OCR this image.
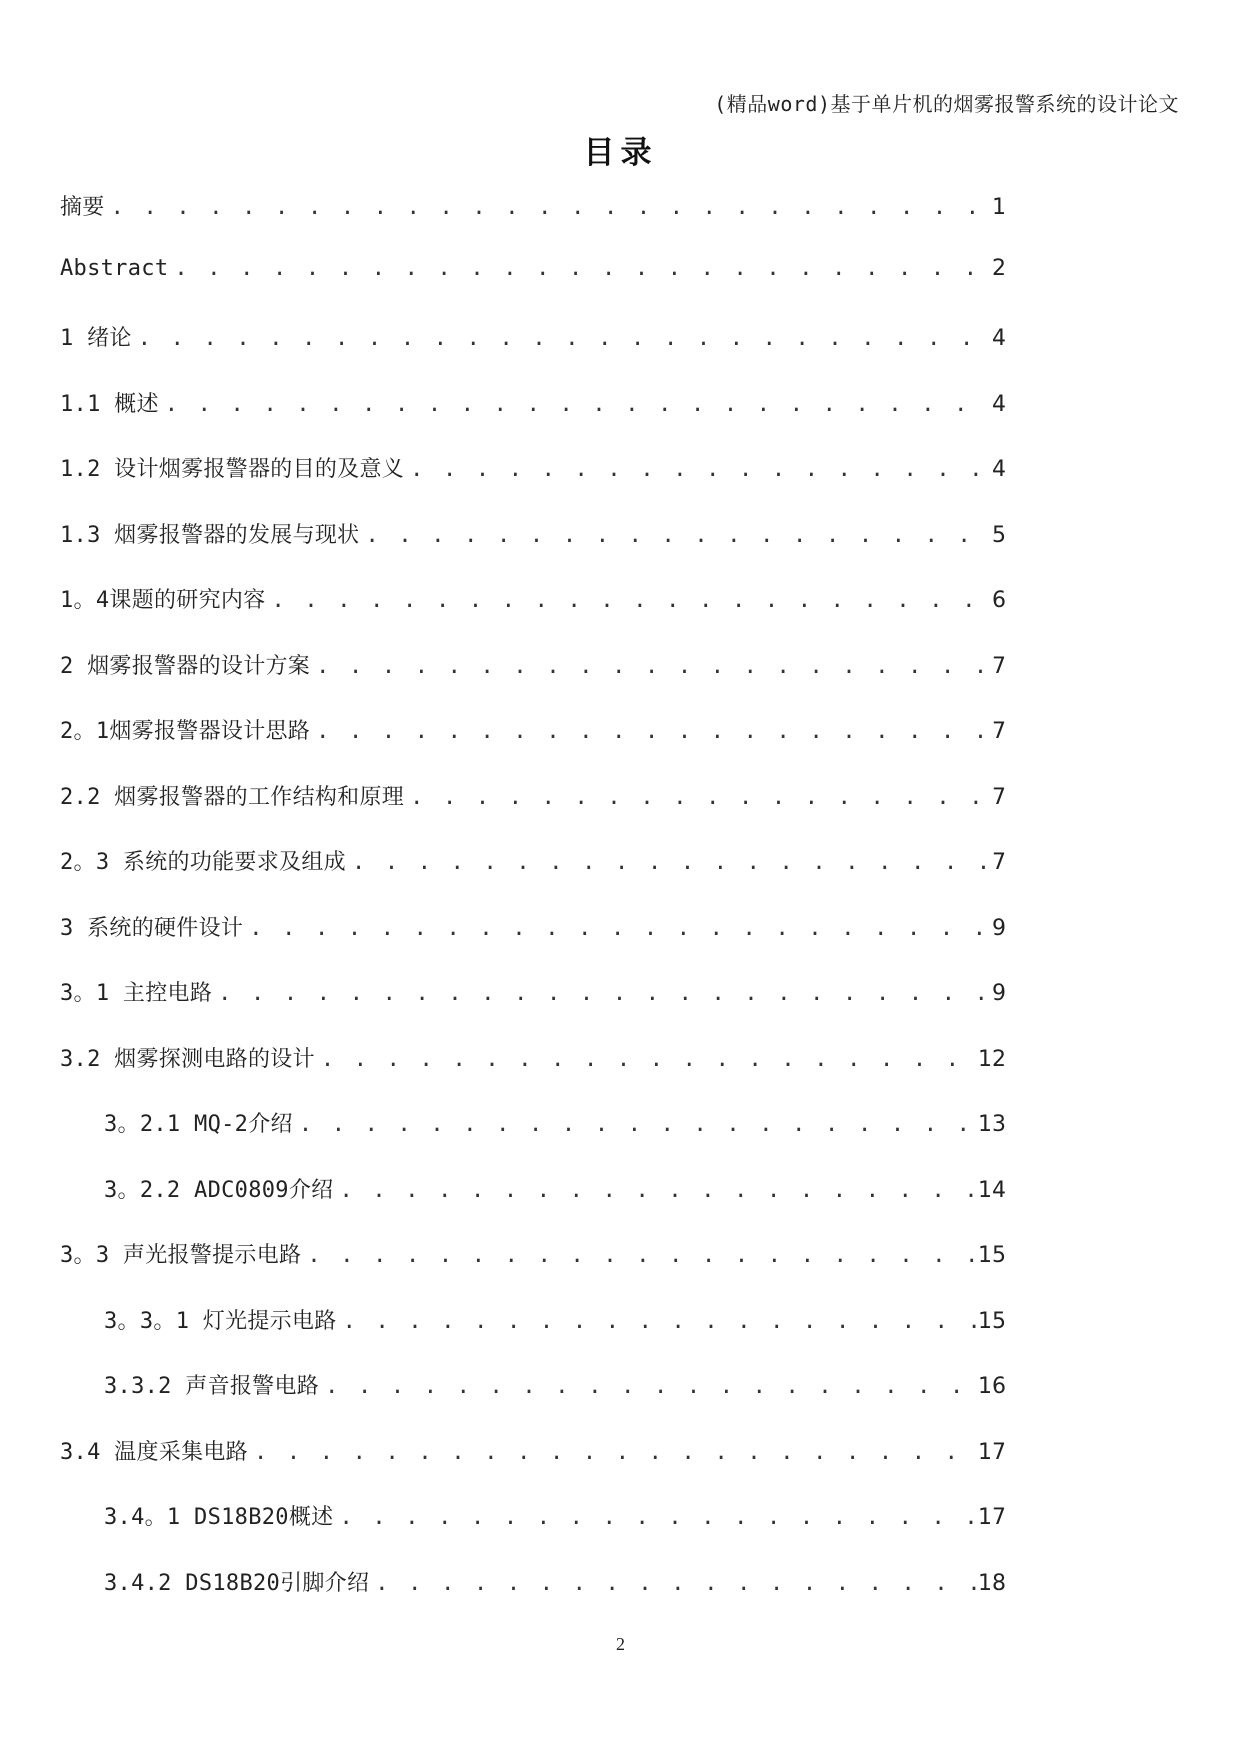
(精品word)基于单片机的烟雾报警系统的设计论文
目录
摘要 . . .	1
Abstract . . .	2
1 绪论 . . .	4
1.1 概述 . . .	4
1.2 设计烟雾报警器的目的及意义 . . .	4
1.3 烟雾报警器的发展与现状 . . .	5
1。4课题的研究内容 . . .	6
2 烟雾报警器的设计方案 . . .	7
2。1烟雾报警器设计思路 . . .	7
2.2 烟雾报警器的工作结构和原理 . . .	7
2。3 系统的功能要求及组成 . . .	7
3 系统的硬件设计 . . .	9
3。1 主控电路 . . .	9
3.2 烟雾探测电路的设计 . . .	12
3。2.1 MQ-2介绍 . . .	13
3。2.2 ADC0809介绍 . . .	14
3。3 声光报警提示电路 . . .	15
3。3。1 灯光提示电路 . . .	15
3.3.2 声音报警电路 . . .	16
3.4 温度采集电路 . . .	17
3.4。1 DS18B20概述 . . .	17
3.4.2 DS18B20引脚介绍 . . .	18
2
